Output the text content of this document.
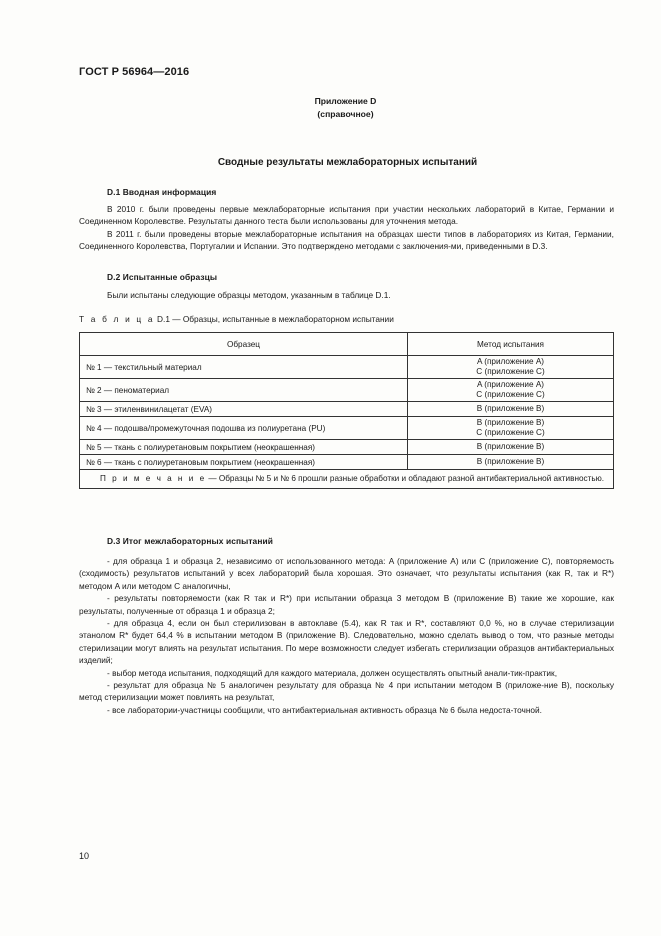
ГОСТ Р 56964—2016
Приложение D
(справочное)
Сводные результаты межлабораторных испытаний
D.1 Вводная информация
В 2010 г. были проведены первые межлабораторные испытания при участии нескольких лабораторий в Китае, Германии и Соединенном Королевстве. Результаты данного теста были использованы для уточнения метода.
В 2011 г. были проведены вторые межлабораторные испытания на образцах шести типов в лабораториях из Китая, Германии, Соединенного Королевства, Португалии и Испании. Это подтверждено методами с заключения-ми, приведенными в D.3.
D.2 Испытанные образцы
Были испытаны следующие образцы методом, указанным в таблице D.1.
Т а б л и ц а D.1 — Образцы, испытанные в межлабораторном испытании
Образец	Метод испытания
№ 1 — текстильный материал	A (приложение A)
C (приложение C)

№ 2 — пеноматериал	A (приложение A)
C (приложение C)

№ 3 — этиленвинилацетат (EVA)	B (приложение B)

№ 4 — подошва/промежуточная подошва из полиуретана (PU)	B (приложение B)
C (приложение C)

№ 5 — ткань с полиуретановым покрытием (неокрашенная)	B (приложение B)

№ 6 — ткань с полиуретановым покрытием (неокрашенная)	B (приложение B)

П р и м е ч а н и е — Образцы № 5 и № 6 прошли разные обработки и обладают разной антибактериальной активностью.	
D.3 Итог межлабораторных испытаний

- для образца 1 и образца 2, независимо от использованного метода: A (приложение A) или C (приложение C), повторяемость (сходимость) результатов испытаний у всех лабораторий была хорошая. Это означает, что результаты испытания (как R, так и R*) методом A или методом C аналогичны,

- результаты повторяемости (как R так и R*) при испытании образца 3 методом B (приложение B) такие же хорошие, как результаты, полученные от образца 1 и образца 2;

- для образца 4, если он был стерилизован в автоклаве (5.4), как R так и R*, составляют 0,0 %, но в случае стерилизации этанолом R* будет 64,4 % в испытании методом B (приложение B). Следовательно, можно сделать вывод о том, что разные методы стерилизации могут влиять на результат испытания. По мере возможности следует избегать стерилизации образцов антибактериальных изделий;

- выбор метода испытания, подходящий для каждого материала, должен осуществлять опытный анали-тик-практик,

- результат для образца № 5 аналогичен результату для образца № 4 при испытании методом B (приложе-ние B), поскольку метод стерилизации может повлиять на результат,

- все лаборатории-участницы сообщили, что антибактериальная активность образца № 6 была недоста-точной.

10
